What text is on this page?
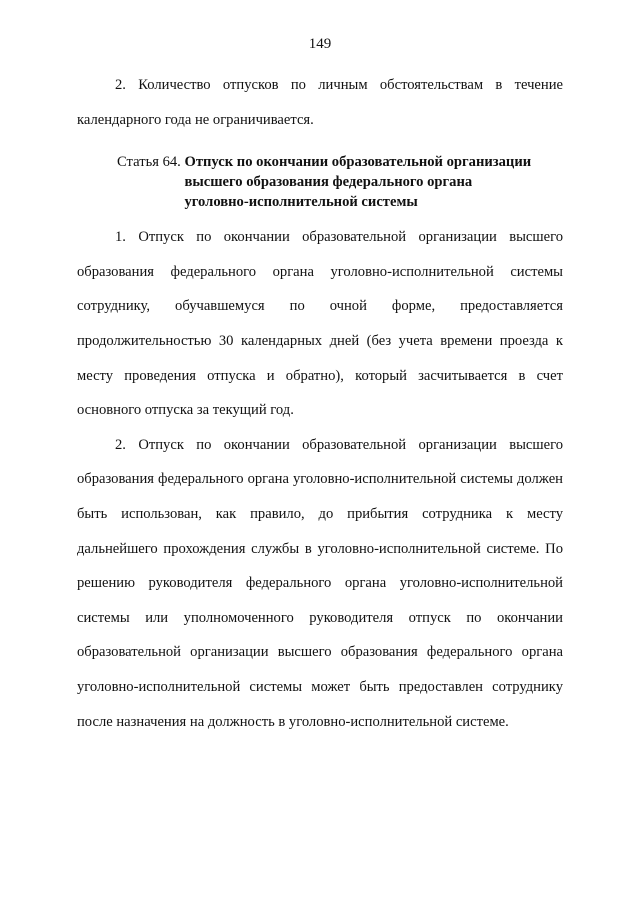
149

2. Количество отпусков по личным обстоятельствам в течение календарного года не ограничивается.

Статья 64. Отпуск по окончании образовательной организации
высшего образования федерального органа
уголовно-исполнительной системы

1. Отпуск по окончании образовательной организации высшего образования федерального органа уголовно-исполнительной системы сотруднику, обучавшемуся по очной форме, предоставляется продолжительностью 30 календарных дней (без учета времени проезда к месту проведения отпуска и обратно), который засчитывается в счет основного отпуска за текущий год.

2. Отпуск по окончании образовательной организации высшего образования федерального органа уголовно-исполнительной системы должен быть использован, как правило, до прибытия сотрудника к месту дальнейшего прохождения службы в уголовно-исполнительной системе. По решению руководителя федерального органа уголовно-исполнительной системы или уполномоченного руководителя отпуск по окончании образовательной организации высшего образования федерального органа уголовно-исполнительной системы может быть предоставлен сотруднику после назначения на должность в уголовно-исполнительной системе.
